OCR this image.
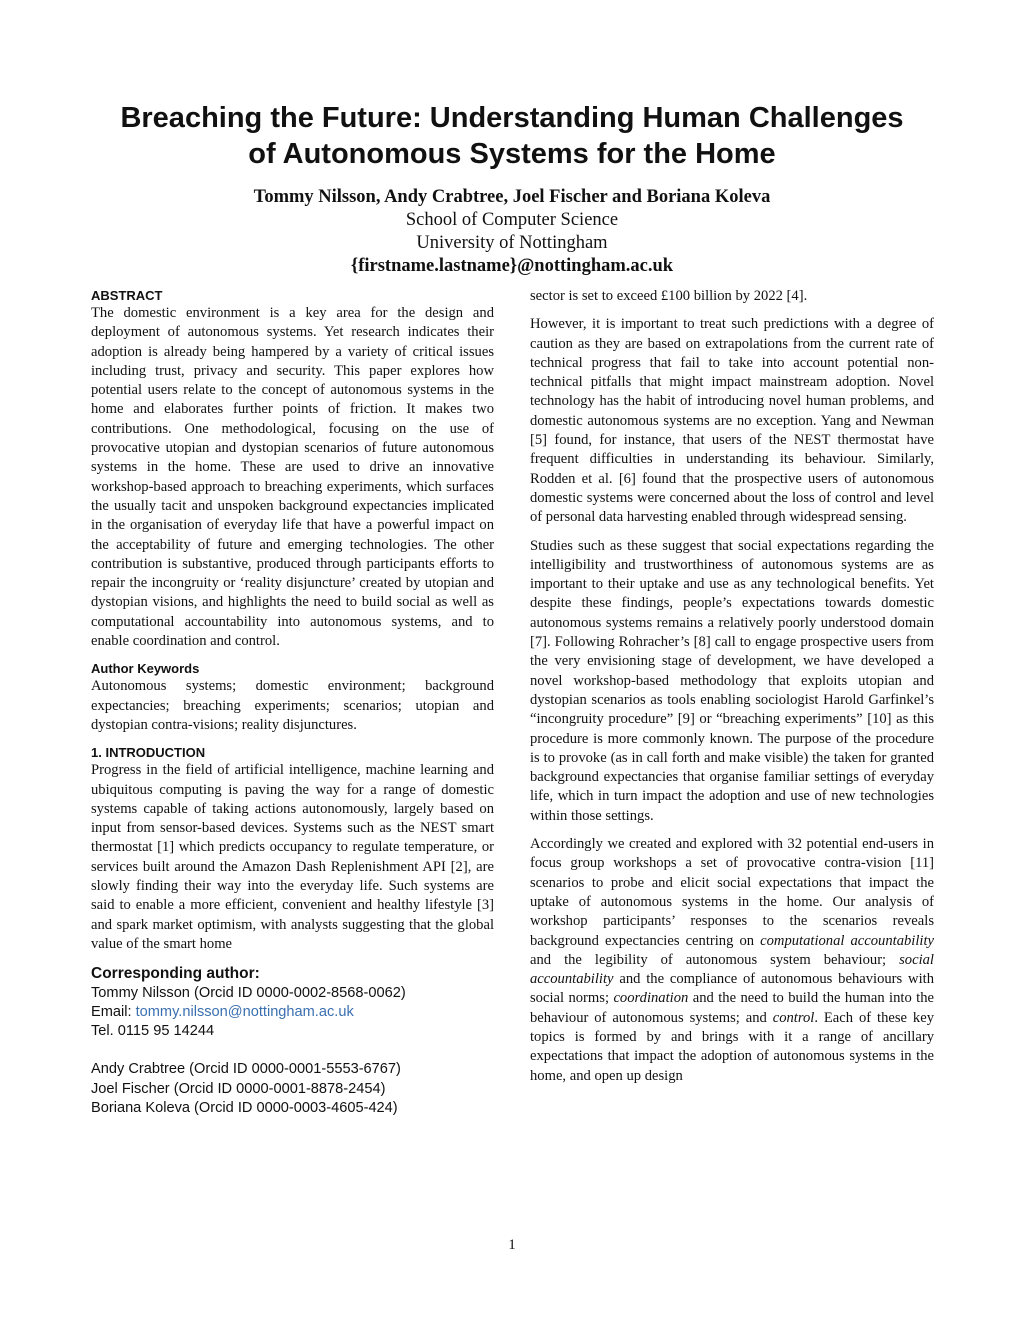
Breaching the Future: Understanding Human Challenges
of Autonomous Systems for the Home
Tommy Nilsson, Andy Crabtree, Joel Fischer and Boriana Koleva
School of Computer Science
University of Nottingham
{firstname.lastname}@nottingham.ac.uk
ABSTRACT

The domestic environment is a key area for the design and deployment of autonomous systems. Yet research indicates their adoption is already being hampered by a variety of critical issues including trust, privacy and security. This paper explores how potential users relate to the concept of autonomous systems in the home and elaborates further points of friction. It makes two contributions. One methodological, focusing on the use of provocative utopian and dystopian scenarios of future autonomous systems in the home. These are used to drive an innovative workshop-based approach to breaching experiments, which surfaces the usually tacit and unspoken background expectancies implicated in the organisation of everyday life that have a powerful impact on the acceptability of future and emerging technologies. The other contribution is substantive, produced through participants efforts to repair the incongruity or ‘reality disjuncture’ created by utopian and dystopian visions, and highlights the need to build social as well as computational accountability into autonomous systems, and to enable coordination and control.

Author Keywords

Autonomous systems; domestic environment; background expectancies; breaching experiments; scenarios; utopian and dystopian contra-visions; reality disjunctures.

1. INTRODUCTION

Progress in the field of artificial intelligence, machine learning and ubiquitous computing is paving the way for a range of domestic systems capable of taking actions autonomously, largely based on input from sensor-based devices. Systems such as the NEST smart thermostat [1] which predicts occupancy to regulate temperature, or services built around the Amazon Dash Replenishment API [2], are slowly finding their way into the everyday life. Such systems are said to enable a more efficient, convenient and healthy lifestyle [3] and spark market optimism, with analysts suggesting that the global value of the smart home

Corresponding author:
Tommy Nilsson (Orcid ID 0000-0002-8568-0062)
Email: tommy.nilsson@nottingham.ac.uk
Tel. 0115 95 14244
Andy Crabtree (Orcid ID 0000-0001-5553-6767)
Joel Fischer (Orcid ID 0000-0001-8878-2454)
Boriana Koleva (Orcid ID 0000-0003-4605-424)

sector is set to exceed £100 billion by 2022 [4].

However, it is important to treat such predictions with a degree of caution as they are based on extrapolations from the current rate of technical progress that fail to take into account potential non-technical pitfalls that might impact mainstream adoption. Novel technology has the habit of introducing novel human problems, and domestic autonomous systems are no exception. Yang and Newman [5] found, for instance, that users of the NEST thermostat have frequent difficulties in understanding its behaviour. Similarly, Rodden et al. [6] found that the prospective users of autonomous domestic systems were concerned about the loss of control and level of personal data harvesting enabled through widespread sensing.

Studies such as these suggest that social expectations regarding the intelligibility and trustworthiness of autonomous systems are as important to their uptake and use as any technological benefits. Yet despite these findings, people’s expectations towards domestic autonomous systems remains a relatively poorly understood domain [7]. Following Rohracher’s [8] call to engage prospective users from the very envisioning stage of development, we have developed a novel workshop-based methodology that exploits utopian and dystopian scenarios as tools enabling sociologist Harold Garfinkel’s “incongruity procedure” [9] or “breaching experiments” [10] as this procedure is more commonly known. The purpose of the procedure is to provoke (as in call forth and make visible) the taken for granted background expectancies that organise familiar settings of everyday life, which in turn impact the adoption and use of new technologies within those settings.

Accordingly we created and explored with 32 potential end-users in focus group workshops a set of provocative contra-vision [11] scenarios to probe and elicit social expectations that impact the uptake of autonomous systems in the home. Our analysis of workshop participants’ responses to the scenarios reveals background expectancies centring on computational accountability and the legibility of autonomous system behaviour; social accountability and the compliance of autonomous behaviours with social norms; coordination and the need to build the human into the behaviour of autonomous systems; and control. Each of these key topics is formed by and brings with it a range of ancillary expectations that impact the adoption of autonomous systems in the home, and open up design

1
